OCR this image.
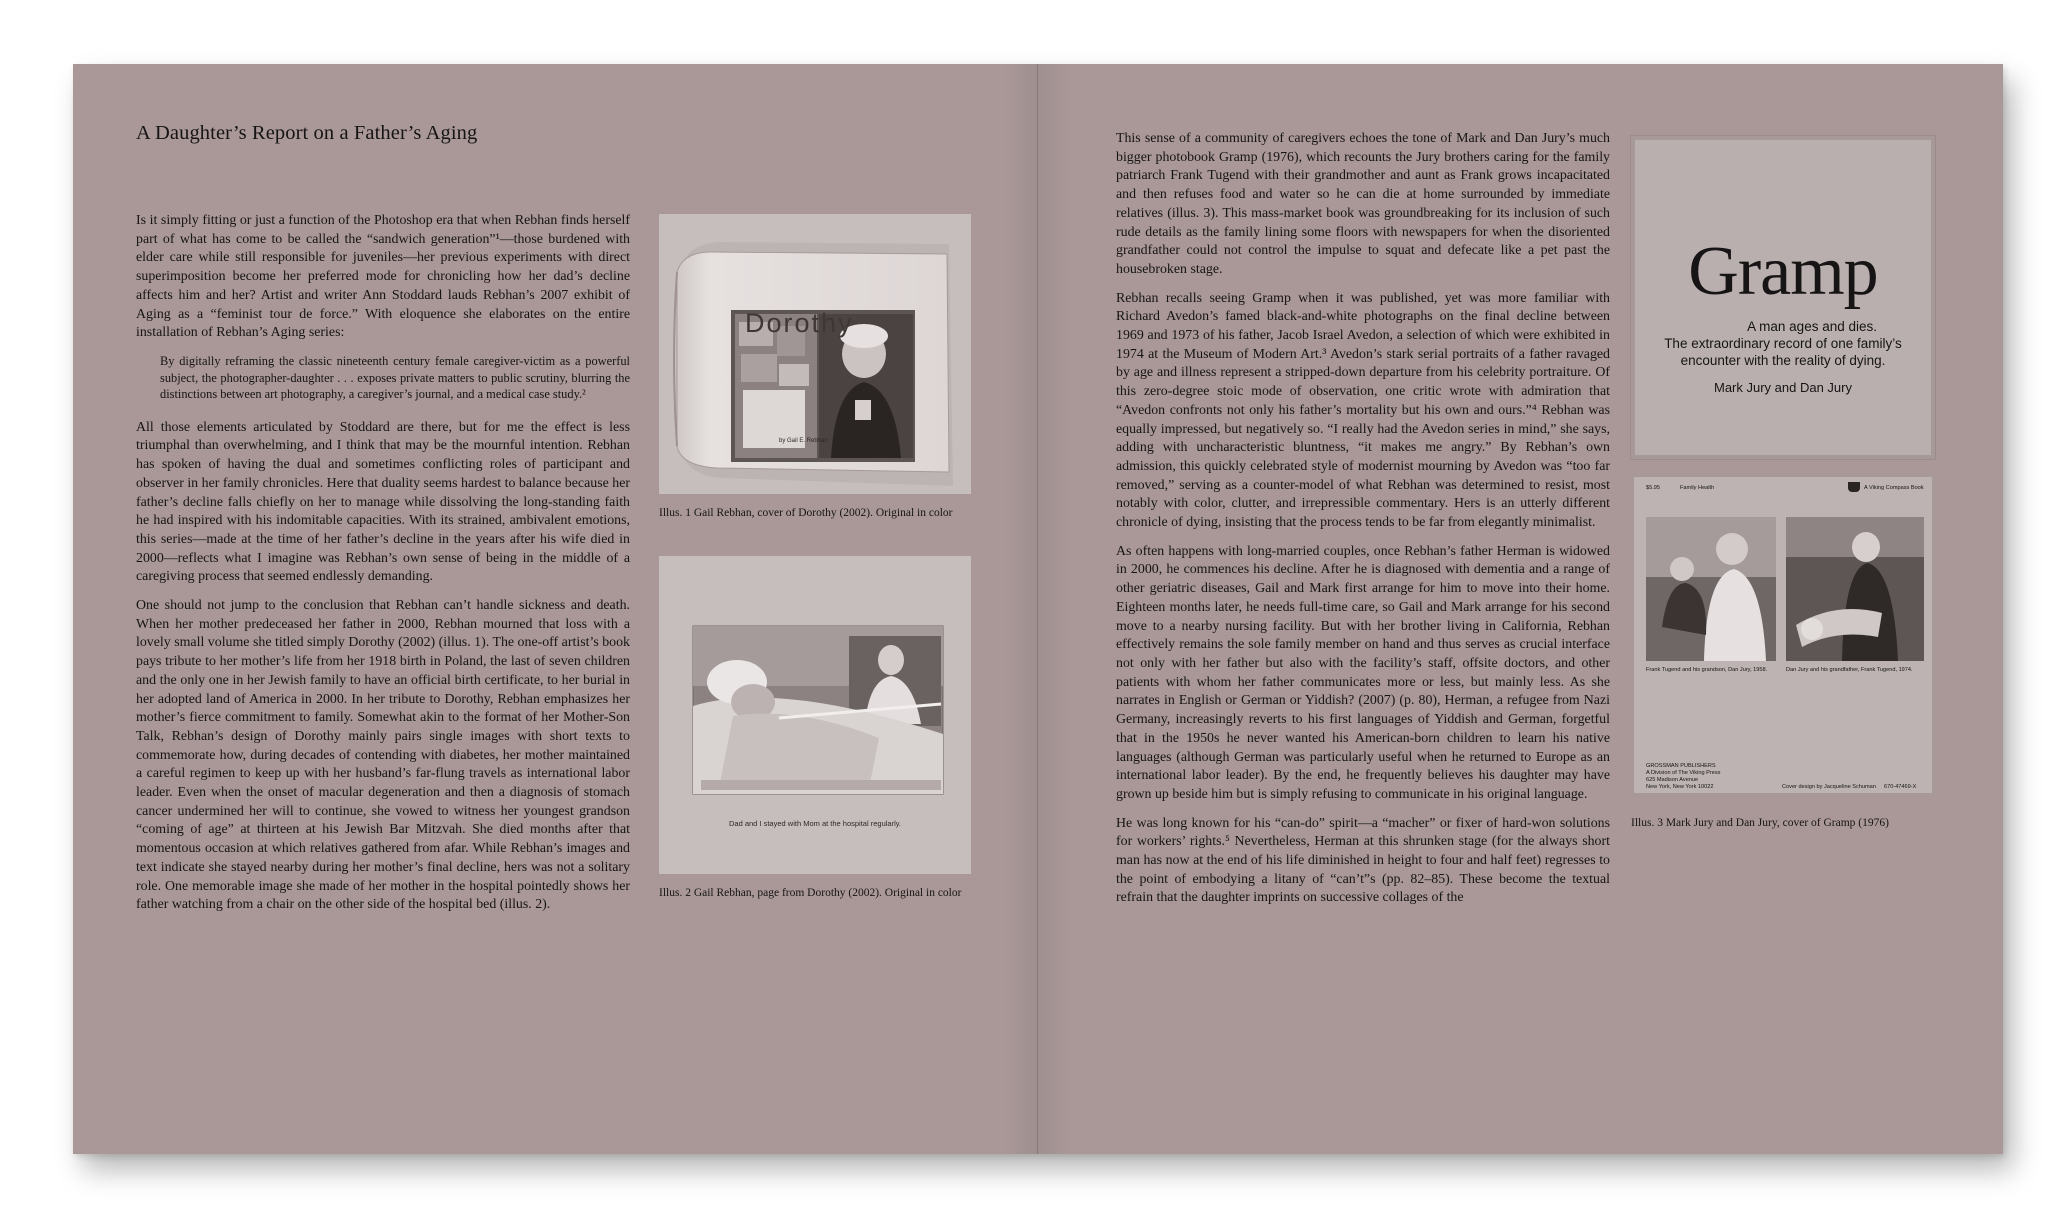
A Daughter’s Report on a Father’s Aging

Is it simply fitting or just a function of the Photoshop era that when Rebhan finds herself part of what has come to be called the “sandwich generation”¹—those burdened with elder care while still responsible for juveniles—her previous experiments with direct superimposition become her preferred mode for chronicling how her dad’s decline affects him and her? Artist and writer Ann Stoddard lauds Rebhan’s 2007 exhibit of Aging as a “feminist tour de force.” With eloquence she elaborates on the entire installation of Rebhan’s Aging series:

By digitally reframing the classic nineteenth century female caregiver-victim as a powerful subject, the photographer-daughter . . . exposes private matters to public scrutiny, blurring the distinctions between art photography, a caregiver’s journal, and a medical case study.²

All those elements articulated by Stoddard are there, but for me the effect is less triumphal than overwhelming, and I think that may be the mournful intention. Rebhan has spoken of having the dual and sometimes conflicting roles of participant and observer in her family chronicles. Here that duality seems hardest to balance because her father’s decline falls chiefly on her to manage while dissolving the long-standing faith he had inspired with his indomitable capacities. With its strained, ambivalent emotions, this series—made at the time of her father’s decline in the years after his wife died in 2000—reflects what I imagine was Rebhan’s own sense of being in the middle of a caregiving process that seemed endlessly demanding.

One should not jump to the conclusion that Rebhan can’t handle sickness and death. When her mother predeceased her father in 2000, Rebhan mourned that loss with a lovely small volume she titled simply Dorothy (2002) (illus. 1). The one-off artist’s book pays tribute to her mother’s life from her 1918 birth in Poland, the last of seven children and the only one in her Jewish family to have an official birth certificate, to her burial in her adopted land of America in 2000. In her tribute to Dorothy, Rebhan emphasizes her mother’s fierce commitment to family. Somewhat akin to the format of her Mother-Son Talk, Rebhan’s design of Dorothy mainly pairs single images with short texts to commemorate how, during decades of contending with diabetes, her mother maintained a careful regimen to keep up with her husband’s far-flung travels as international labor leader. Even when the onset of macular degeneration and then a diagnosis of stomach cancer undermined her will to continue, she vowed to witness her youngest grandson “coming of age” at thirteen at his Jewish Bar Mitzvah. She died months after that momentous occasion at which relatives gathered from afar. While Rebhan’s images and text indicate she stayed nearby during her mother’s final decline, hers was not a solitary role. One memorable image she made of her mother in the hospital pointedly shows her father watching from a chair on the other side of the hospital bed (illus. 2).

by Gail E. Rebhan
Dorothy
Illus. 1 Gail Rebhan, cover of Dorothy (2002). Original in color
Dad and I stayed with Mom at the hospital regularly.
Illus. 2 Gail Rebhan, page from Dorothy (2002). Original in color

This sense of a community of caregivers echoes the tone of Mark and Dan Jury’s much bigger photobook Gramp (1976), which recounts the Jury brothers caring for the family patriarch Frank Tugend with their grandmother and aunt as Frank grows incapacitated and then refuses food and water so he can die at home surrounded by immediate relatives (illus. 3). This mass-market book was groundbreaking for its inclusion of such rude details as the family lining some floors with newspapers for when the disoriented grandfather could not control the impulse to squat and defecate like a pet past the housebroken stage.

Rebhan recalls seeing Gramp when it was published, yet was more familiar with Richard Avedon’s famed black-and-white photographs on the final decline between 1969 and 1973 of his father, Jacob Israel Avedon, a selection of which were exhibited in 1974 at the Museum of Modern Art.³ Avedon’s stark serial portraits of a father ravaged by age and illness represent a stripped-down departure from his celebrity portraiture. Of this zero-degree stoic mode of observation, one critic wrote with admiration that “Avedon confronts not only his father’s mortality but his own and ours.”⁴ Rebhan was equally impressed, but negatively so. “I really had the Avedon series in mind,” she says, adding with uncharacteristic bluntness, “it makes me angry.” By Rebhan’s own admission, this quickly celebrated style of modernist mourning by Avedon was “too far removed,” serving as a counter-model of what Rebhan was determined to resist, most notably with color, clutter, and irrepressible commentary. Hers is an utterly different chronicle of dying, insisting that the process tends to be far from elegantly minimalist.

As often happens with long-married couples, once Rebhan’s father Herman is widowed in 2000, he commences his decline. After he is diagnosed with dementia and a range of other geriatric diseases, Gail and Mark first arrange for him to move into their home. Eighteen months later, he needs full-time care, so Gail and Mark arrange for his second move to a nearby nursing facility. But with her brother living in California, Rebhan effectively remains the sole family member on hand and thus serves as crucial interface not only with her father but also with the facility’s staff, offsite doctors, and other patients with whom her father communicates more or less, but mainly less. As she narrates in English or German or Yiddish? (2007) (p. 80), Herman, a refugee from Nazi Germany, increasingly reverts to his first languages of Yiddish and German, forgetful that in the 1950s he never wanted his American-born children to learn his native languages (although German was particularly useful when he returned to Europe as an international labor leader). By the end, he frequently believes his daughter may have grown up beside him but is simply refusing to communicate in his original language.

He was long known for his “can-do” spirit—a “macher” or fixer of hard-won solutions for workers’ rights.⁵ Nevertheless, Herman at this shrunken stage (for the always short man has now at the end of his life diminished in height to four and half feet) regresses to the point of embodying a litany of “can’t”s (pp. 82–85). These become the textual refrain that the daughter imprints on successive collages of the

Gramp
A man ages and dies.
The extraordinary record of one family’s
encounter with the reality of dying.
Mark Jury and Dan Jury
$5.95	Family Health	A Viking Compass Book
Frank Tugend and his grandson, Dan Jury, 1958.	Dan Jury and his grandfather, Frank Tugend, 1974.
GROSSMAN PUBLISHERS
A Division of The Viking Press
625 Madison Avenue
New York, New York 10022	Cover design by Jacqueline Schuman 670-47469-X
Illus. 3 Mark Jury and Dan Jury, cover of Gramp (1976)
